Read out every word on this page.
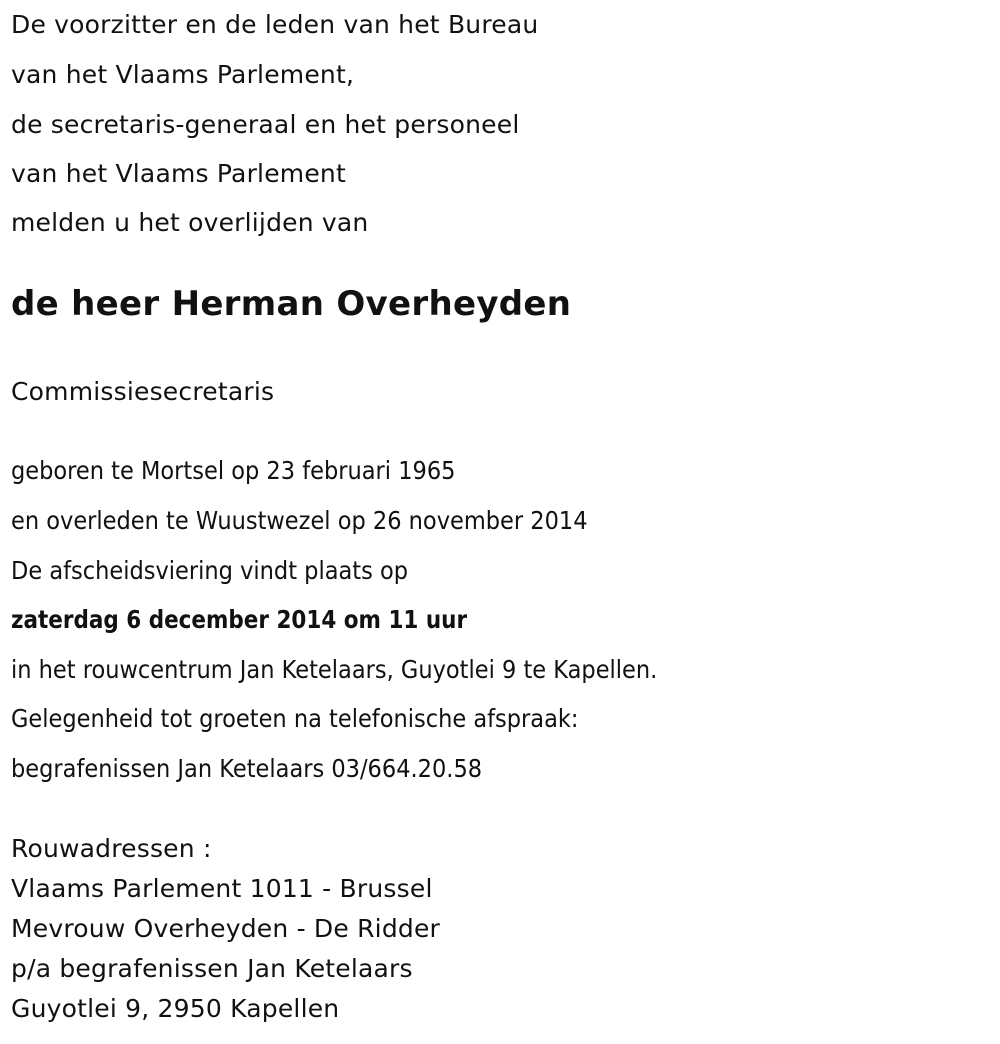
De voorzitter en de leden van het Bureau
van het Vlaams Parlement,
de secretaris-generaal en het personeel
van het Vlaams Parlement
melden u het overlijden van
de heer Herman Overheyden
Commissiesecretaris
geboren te Mortsel op 23 februari 1965
en overleden te Wuustwezel op 26 november 2014
De afscheidsviering vindt plaats op
zaterdag 6 december 2014 om 11 uur
in het rouwcentrum Jan Ketelaars, Guyotlei 9 te Kapellen.
Gelegenheid tot groeten na telefonische afspraak:
begrafenissen Jan Ketelaars 03/664.20.58
Rouwadressen :
Vlaams Parlement 1011 - Brussel
Mevrouw Overheyden - De Ridder
p/a begrafenissen Jan Ketelaars
Guyotlei 9, 2950 Kapellen
